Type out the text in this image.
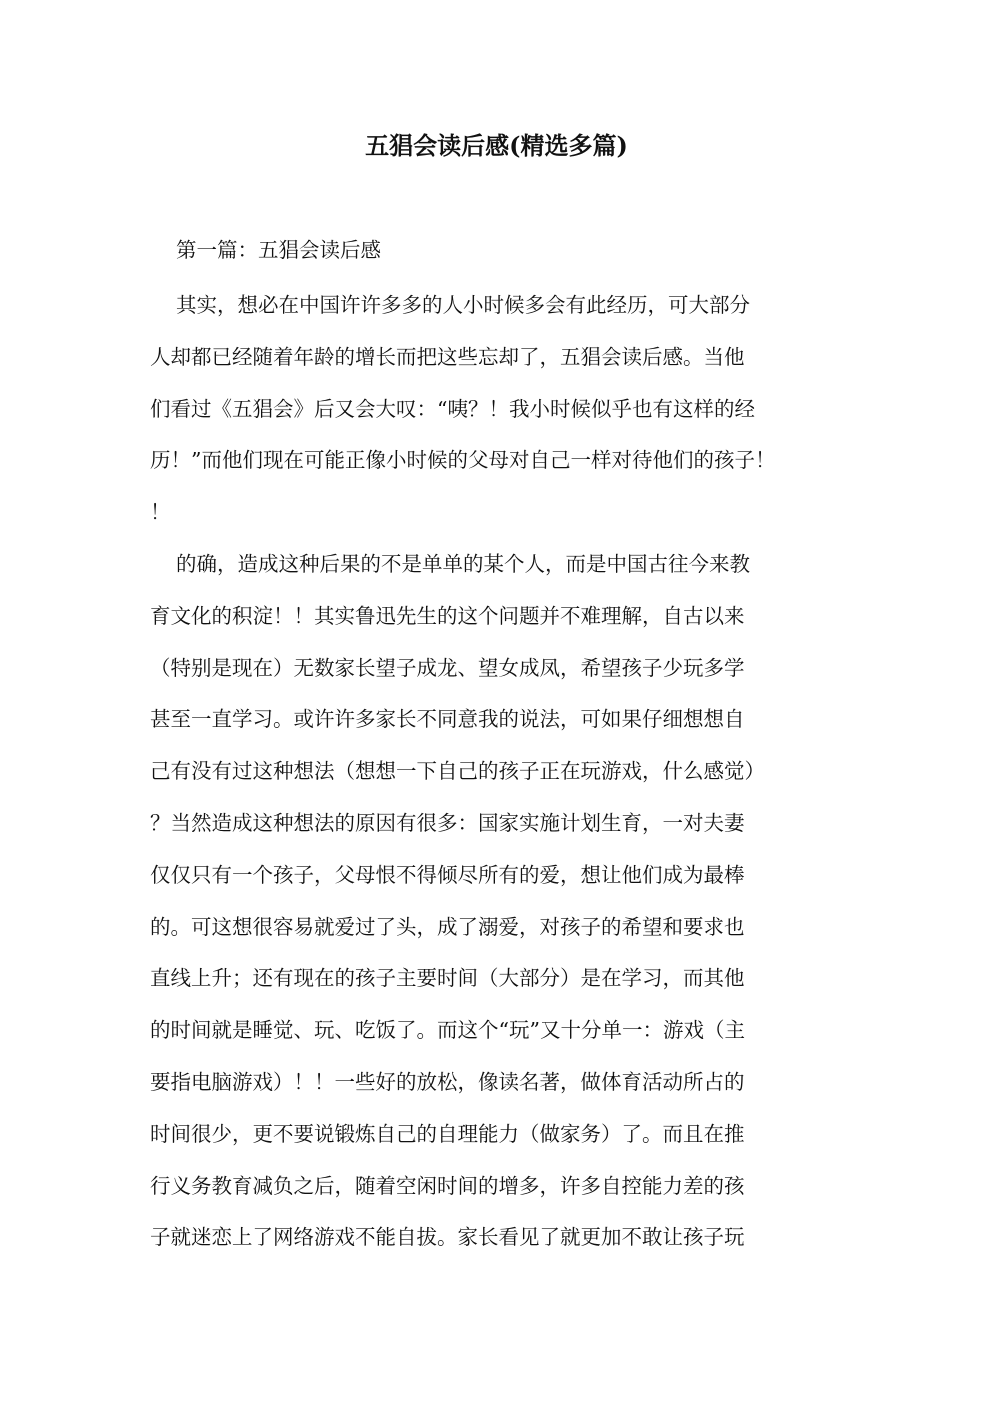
五猖会读后感(精选多篇)

第一篇：五猖会读后感

其实，想必在中国许许多多的人小时候多会有此经历，可大部分
人却都已经随着年龄的增长而把这些忘却了，五猖会读后感。当他
们看过《五猖会》后又会大叹：“咦？！我小时候似乎也有这样的经
历！”而他们现在可能正像小时候的父母对自己一样对待他们的孩子！
！
的确，造成这种后果的不是单单的某个人，而是中国古往今来教
育文化的积淀！！其实鲁迅先生的这个问题并不难理解，自古以来
（特别是现在）无数家长望子成龙、望女成凤，希望孩子少玩多学
甚至一直学习。或许许多家长不同意我的说法，可如果仔细想想自
己有没有过这种想法（想想一下自己的孩子正在玩游戏，什么感觉）
？当然造成这种想法的原因有很多：国家实施计划生育，一对夫妻
仅仅只有一个孩子，父母恨不得倾尽所有的爱，想让他们成为最棒
的。可这想很容易就爱过了头，成了溺爱，对孩子的希望和要求也
直线上升；还有现在的孩子主要时间（大部分）是在学习，而其他
的时间就是睡觉、玩、吃饭了。而这个“玩”又十分单一：游戏（主
要指电脑游戏）！！一些好的放松，像读名著，做体育活动所占的
时间很少，更不要说锻炼自己的自理能力（做家务）了。而且在推
行义务教育减负之后，随着空闲时间的增多，许多自控能力差的孩
子就迷恋上了网络游戏不能自拔。家长看见了就更加不敢让孩子玩
